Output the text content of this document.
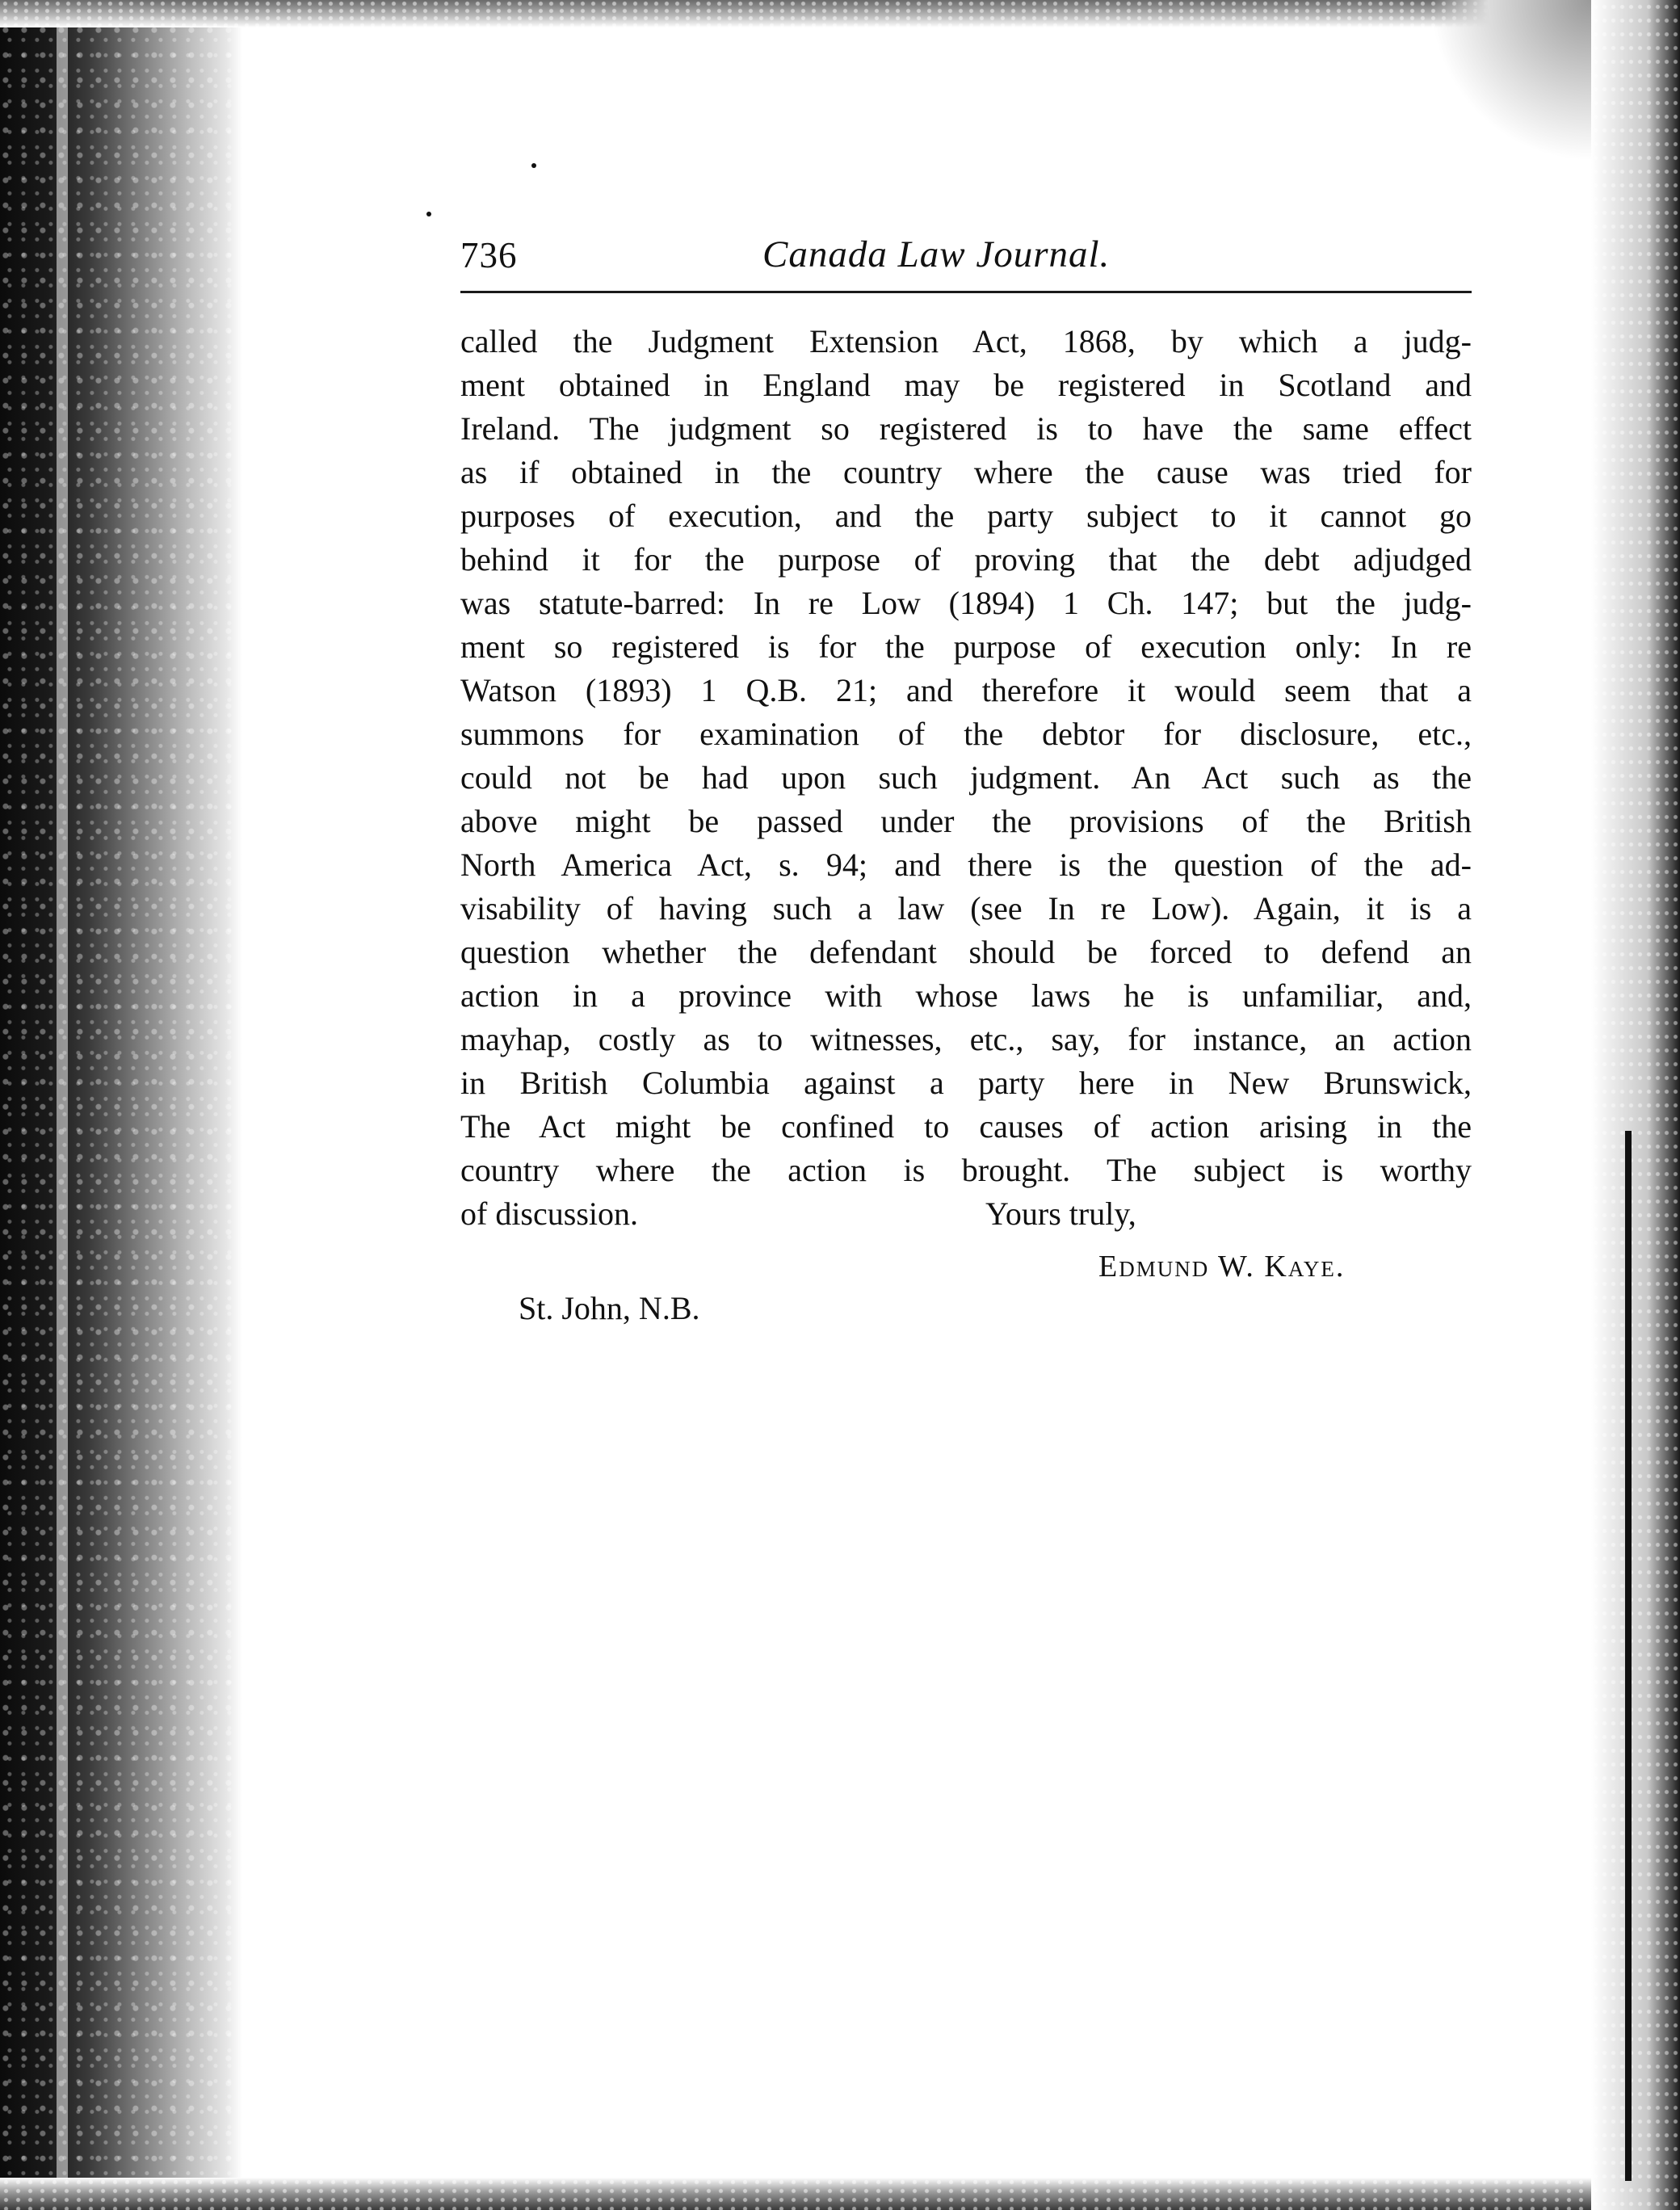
736	Canada Law Journal.
called the Judgment Extension Act, 1868, by which a judg-
ment obtained in England may be registered in Scotland and
Ireland. The judgment so registered is to have the same effect
as if obtained in the country where the cause was tried for
purposes of execution, and the party subject to it cannot go
behind it for the purpose of proving that the debt adjudged
was statute-barred: In re Low (1894) 1 Ch. 147; but the judg-
ment so registered is for the purpose of execution only: In re
Watson (1893) 1 Q.B. 21; and therefore it would seem that a
summons for examination of the debtor for disclosure, etc.,
could not be had upon such judgment. An Act such as the
above might be passed under the provisions of the British
North America Act, s. 94; and there is the question of the ad-
visability of having such a law (see In re Low). Again, it is a
question whether the defendant should be forced to defend an
action in a province with whose laws he is unfamiliar, and,
mayhap, costly as to witnesses, etc., say, for instance, an action
in British Columbia against a party here in New Brunswick,
The Act might be confined to causes of action arising in the
country where the action is brought. The subject is worthy
of discussion.	Yours truly,
Edmund W. Kaye.
St. John, N.B.
